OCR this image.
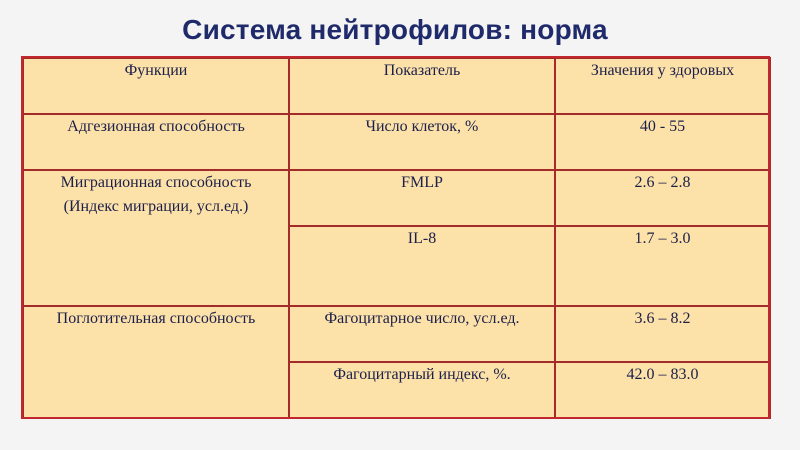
Система нейтрофилов: норма
Функции	Показатель	Значения у здоровых
Адгезионная способность	Число клеток, %	40 - 55

Миграционная способность
(Индекс миграции, усл.ед.)	FMLP	2.6 – 2.8
	IL-8	1.7 – 3.0
Поглотительная способность	Фагоцитарное число, усл.ед.	3.6 – 8.2
	Фагоцитарный индекс, %.	42.0 – 83.0
